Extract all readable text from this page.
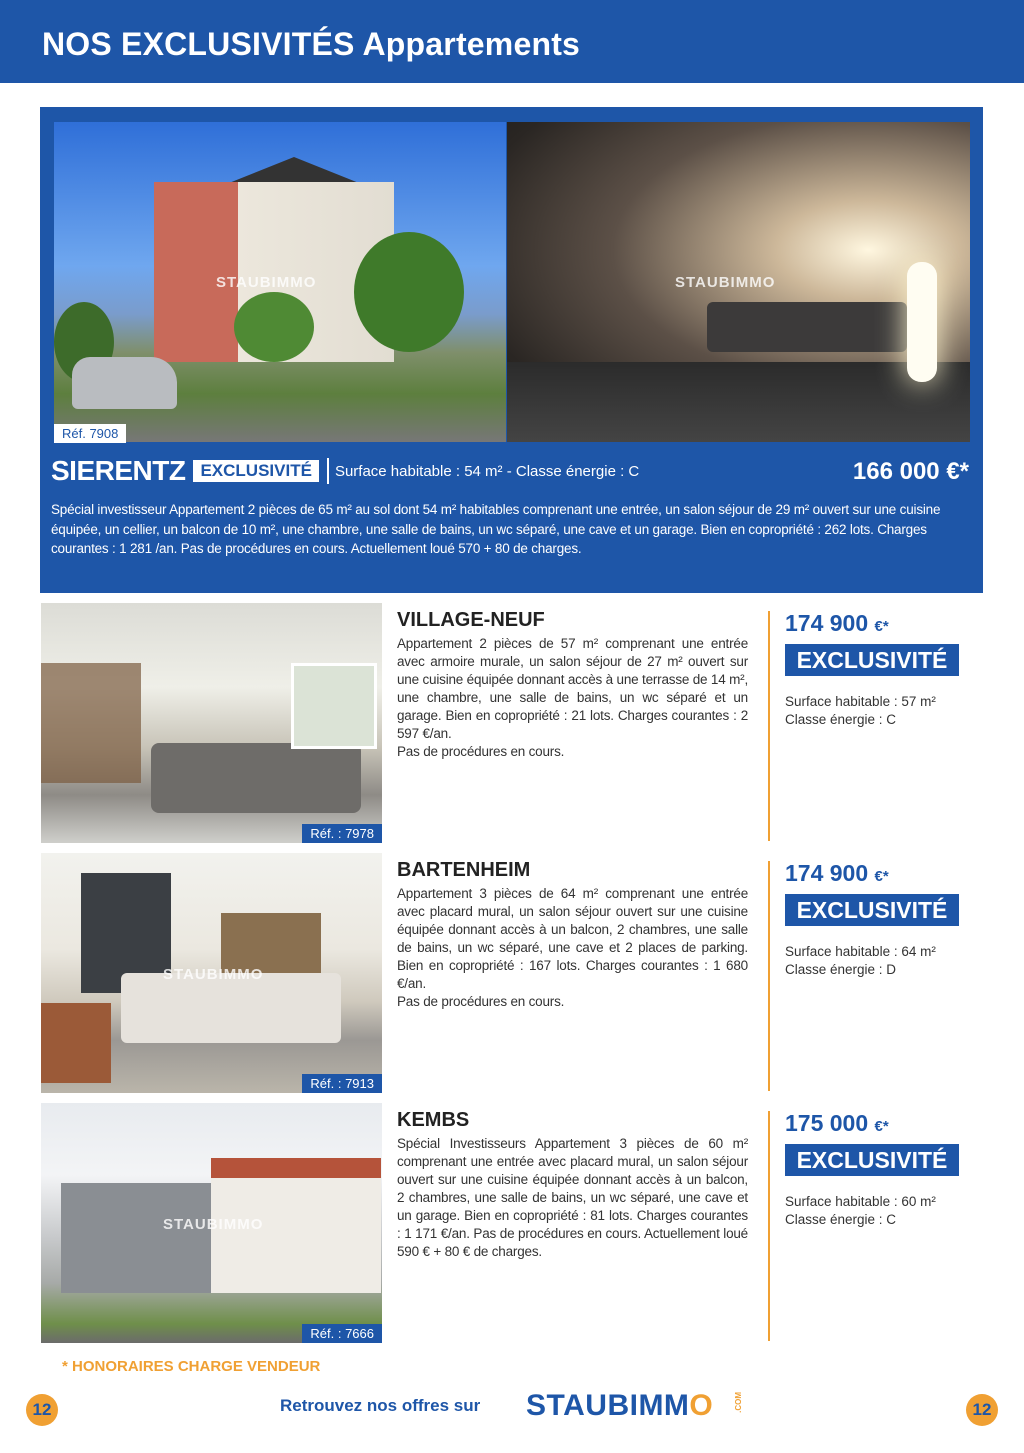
NOS EXCLUSIVITÉS Appartements
STAUBIMMO	STAUBIMMO
Réf. 7908
SIERENTZ EXCLUSIVITÉ	Surface habitable : 54 m² - Classe énergie : C	166 000 €*
Spécial investisseur Appartement 2 pièces de 65 m² au sol dont 54 m² habitables comprenant une entrée, un salon séjour de 29 m² ouvert sur une cuisine équipée, un cellier, un balcon de 10 m², une chambre, une salle de bains, un wc séparé, une cave et un garage. Bien en copropriété : 262 lots. Charges courantes : 1 281 /an. Pas de procédures en cours. Actuellement loué 570 + 80 de charges.
Réf. : 7978
VILLAGE-NEUF
Appartement 2 pièces de 57 m² comprenant une entrée avec armoire murale, un salon séjour de 27 m² ouvert sur une cuisine équipée donnant accès à une terrasse de 14 m², une chambre, une salle de bains, un wc séparé et un garage. Bien en copropriété : 21 lots. Charges courantes : 2 597 €/an.
Pas de procédures en cours.
174 900 €*
EXCLUSIVITÉ
Surface habitable : 57 m²
Classe énergie : C
STAUBIMMO
Réf. : 7913
BARTENHEIM
Appartement 3 pièces de 64 m² comprenant une entrée avec placard mural, un salon séjour ouvert sur une cuisine équipée donnant accès à un balcon, 2 chambres, une salle de bains, un wc séparé, une cave et 2 places de parking. Bien en copropriété : 167 lots. Charges courantes : 1 680 €/an.
Pas de procédures en cours.
174 900 €*
EXCLUSIVITÉ
Surface habitable : 64 m²
Classe énergie : D
STAUBIMMO
Réf. : 7666
KEMBS
Spécial Investisseurs Appartement 3 pièces de 60 m² comprenant une entrée avec placard mural, un salon séjour ouvert sur une cuisine équipée donnant accès à un balcon, 2 chambres, une salle de bains, un wc séparé, une cave et un garage. Bien en copropriété : 81 lots. Charges courantes : 1 171 €/an. Pas de procédures en cours. Actuellement loué 590 € + 80 € de charges.
175 000 €*
EXCLUSIVITÉ
Surface habitable : 60 m²
Classe énergie : C
* HONORAIRES CHARGE VENDEUR
12	12
Retrouvez nos offres sur STAUBIMMO	.COM
